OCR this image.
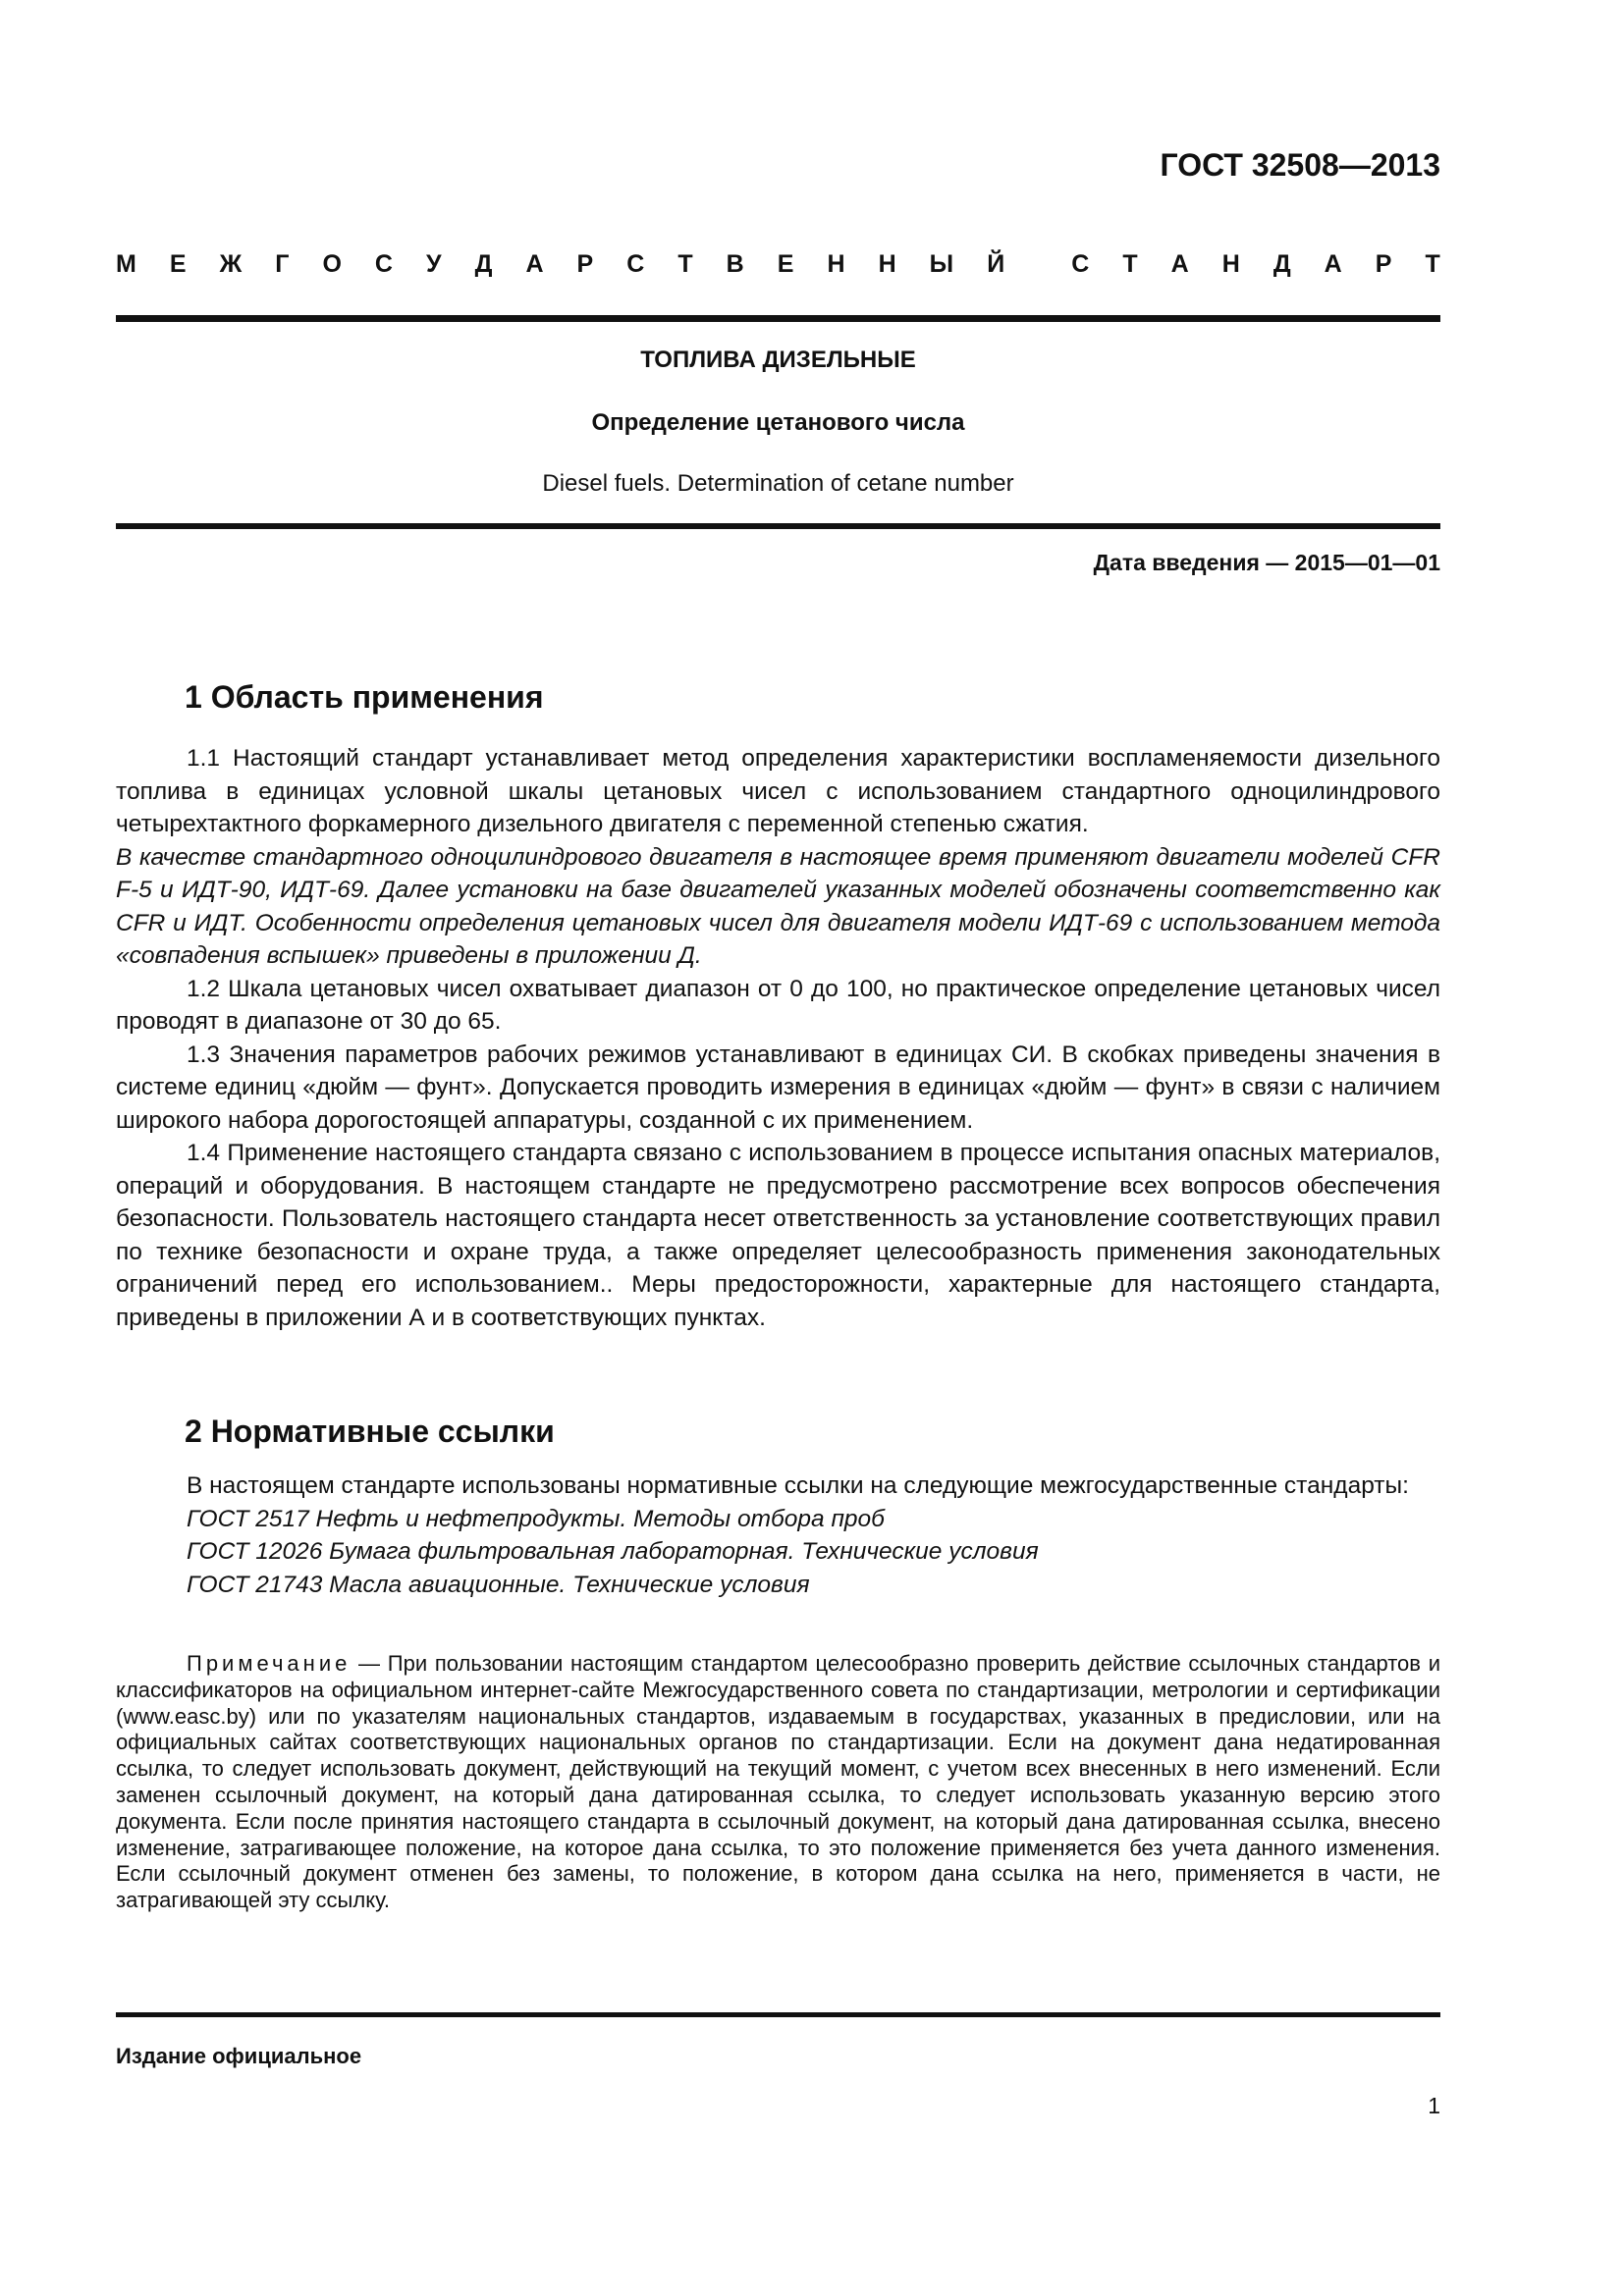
ГОСТ 32508—2013
М Е Ж Г О С У Д А Р С Т В Е Н Н Ы Й	С Т А Н Д А Р Т
ТОПЛИВА ДИЗЕЛЬНЫЕ
Определение цетанового числа
Diesel fuels. Determination of cetane number
Дата введения — 2015—01—01
1 Область применения

1.1 Настоящий стандарт устанавливает метод определения характеристики воспламеняемости дизельного топлива в единицах условной шкалы цетановых чисел с использованием стандартного одноцилиндрового четырехтактного форкамерного дизельного двигателя с переменной степенью сжатия.

В качестве стандартного одноцилиндрового двигателя в настоящее время применяют двигатели моделей CFR F-5 и ИДТ-90, ИДТ-69. Далее установки на базе двигателей указанных моделей обозначены соответственно как CFR и ИДТ. Особенности определения цетановых чисел для двигателя модели ИДТ-69 с использованием метода «совпадения вспышек» приведены в приложении Д.

1.2 Шкала цетановых чисел охватывает диапазон от 0 до 100, но практическое определение цетановых чисел проводят в диапазоне от 30 до 65.

1.3 Значения параметров рабочих режимов устанавливают в единицах СИ. В скобках приведены значения в системе единиц «дюйм — фунт». Допускается проводить измерения в единицах «дюйм — фунт» в связи с наличием широкого набора дорогостоящей аппаратуры, созданной с их применением.

1.4 Применение настоящего стандарта связано с использованием в процессе испытания опасных материалов, операций и оборудования. В настоящем стандарте не предусмотрено рассмотрение всех вопросов обеспечения безопасности. Пользователь настоящего стандарта несет ответственность за установление соответствующих правил по технике безопасности и охране труда, а также определяет целесообразность применения законодательных ограничений перед его использованием.. Меры предосторожности, характерные для настоящего стандарта, приведены в приложении А и в соответствующих пунктах.

2 Нормативные ссылки

В настоящем стандарте использованы нормативные ссылки на следующие межгосударственные стандарты:

ГОСТ 2517 Нефть и нефтепродукты. Методы отбора проб

ГОСТ 12026 Бумага фильтровальная лабораторная. Технические условия

ГОСТ 21743 Масла авиационные. Технические условия

Примечание — При пользовании настоящим стандартом целесообразно проверить действие ссылочных стандартов и классификаторов на официальном интернет-сайте Межгосударственного совета по стандартизации, метрологии и сертификации (www.easc.by) или по указателям национальных стандартов, издаваемым в государствах, указанных в предисловии, или на официальных сайтах соответствующих национальных органов по стандартизации. Если на документ дана недатированная ссылка, то следует использовать документ, действующий на текущий момент, с учетом всех внесенных в него изменений. Если заменен ссылочный документ, на который дана датированная ссылка, то следует использовать указанную версию этого документа. Если после принятия настоящего стандарта в ссылочный документ, на который дана датированная ссылка, внесено изменение, затрагивающее положение, на которое дана ссылка, то это положение применяется без учета данного изменения. Если ссылочный документ отменен без замены, то положение, в котором дана ссылка на него, применяется в части, не затрагивающей эту ссылку.

Издание официальное
1
